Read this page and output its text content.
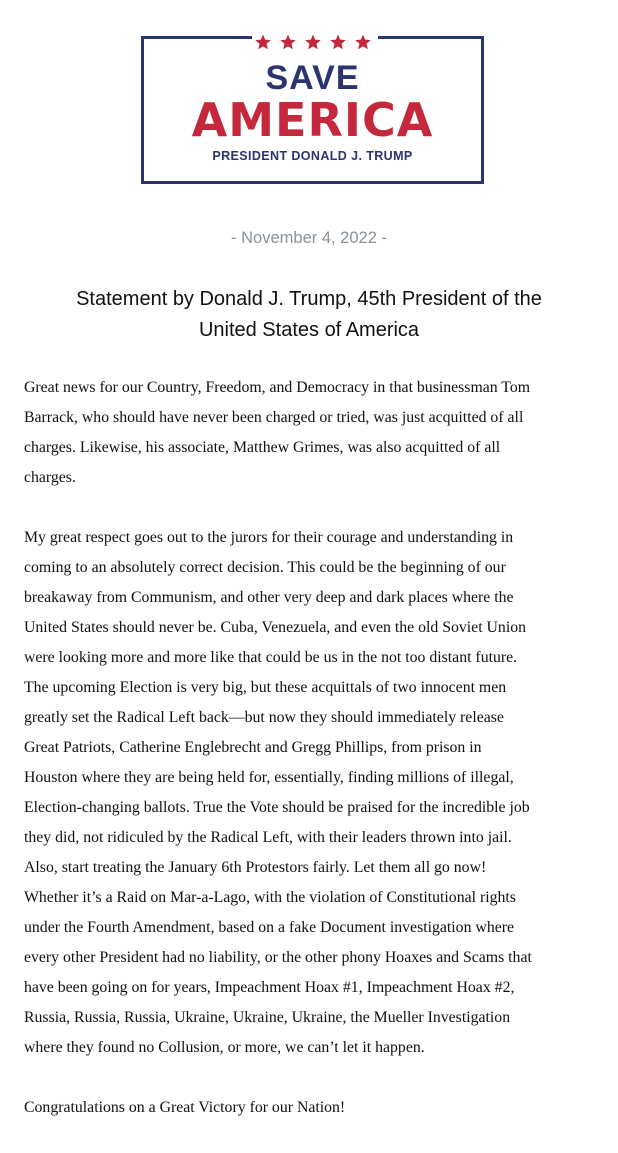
SAVE
AMERICA
PRESIDENT DONALD J. TRUMP
- November 4, 2022 -
Statement by Donald J. Trump, 45th President of the
United States of America

Great news for our Country, Freedom, and Democracy in that businessman Tom
Barrack, who should have never been charged or tried, was just acquitted of all
charges. Likewise, his associate, Matthew Grimes, was also acquitted of all
charges.

My great respect goes out to the jurors for their courage and understanding in
coming to an absolutely correct decision. This could be the beginning of our
breakaway from Communism, and other very deep and dark places where the
United States should never be. Cuba, Venezuela, and even the old Soviet Union
were looking more and more like that could be us in the not too distant future.
The upcoming Election is very big, but these acquittals of two innocent men
greatly set the Radical Left back—but now they should immediately release
Great Patriots, Catherine Englebrecht and Gregg Phillips, from prison in
Houston where they are being held for, essentially, finding millions of illegal,
Election-changing ballots. True the Vote should be praised for the incredible job
they did, not ridiculed by the Radical Left, with their leaders thrown into jail.
Also, start treating the January 6th Protestors fairly. Let them all go now!
Whether it’s a Raid on Mar-a-Lago, with the violation of Constitutional rights
under the Fourth Amendment, based on a fake Document investigation where
every other President had no liability, or the other phony Hoaxes and Scams that
have been going on for years, Impeachment Hoax #1, Impeachment Hoax #2,
Russia, Russia, Russia, Ukraine, Ukraine, Ukraine, the Mueller Investigation
where they found no Collusion, or more, we can’t let it happen.

Congratulations on a Great Victory for our Nation!
